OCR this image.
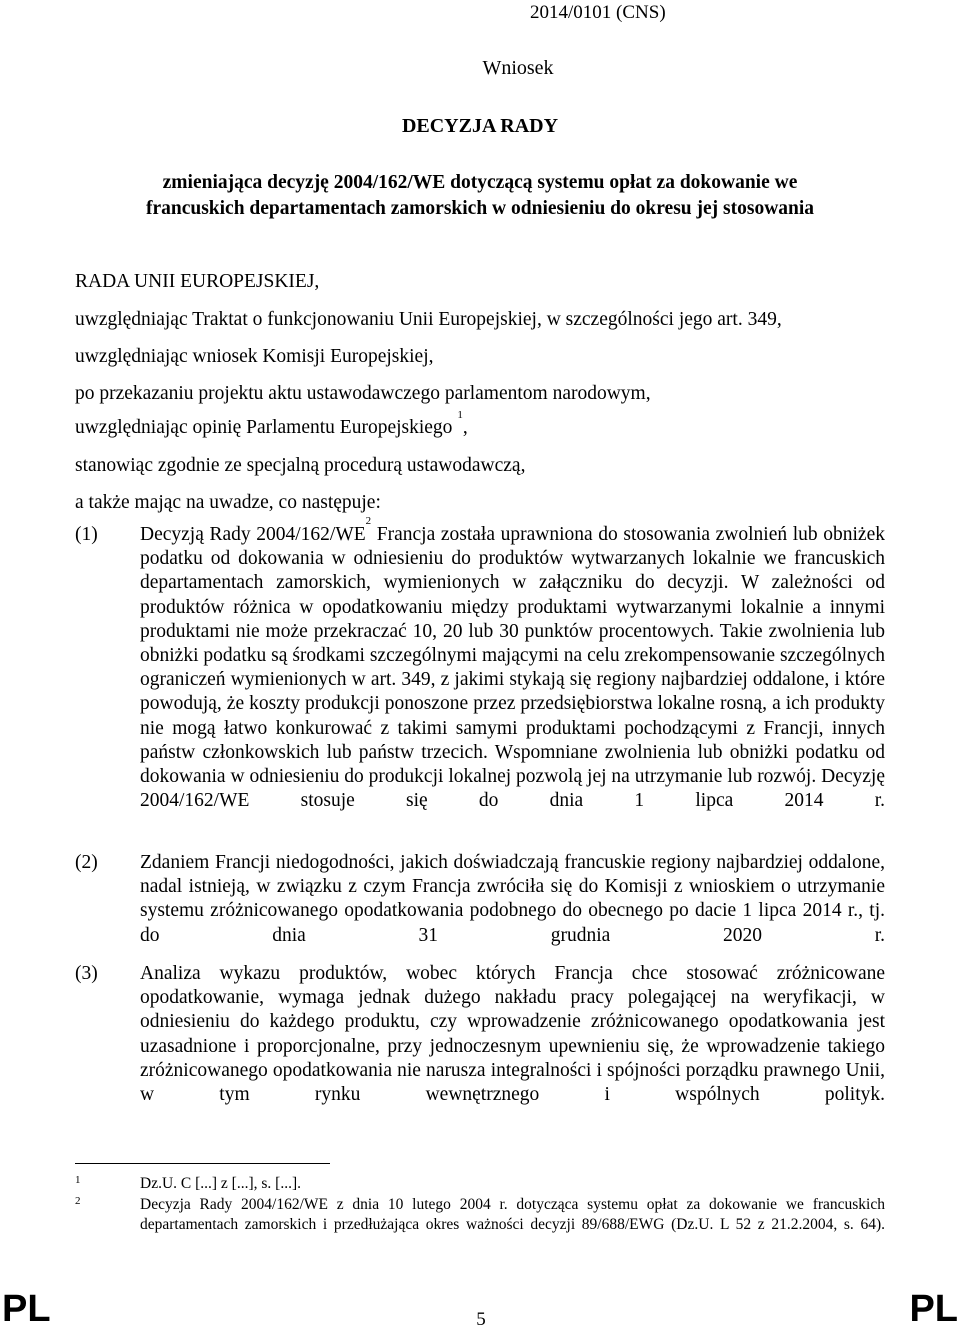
2014/0101 (CNS)
Wniosek
DECYZJA RADY
zmieniająca decyzję 2004/162/WE dotyczącą systemu opłat za dokowanie we
francuskich departamentach zamorskich w odniesieniu do okresu jej stosowania
RADA UNII EUROPEJSKIEJ,
uwzględniając Traktat o funkcjonowaniu Unii Europejskiej, w szczególności jego art. 349,
uwzględniając wniosek Komisji Europejskiej,
po przekazaniu projektu aktu ustawodawczego parlamentom narodowym,
uwzględniając opinię Parlamentu Europejskiego $^1$,
stanowiąc zgodnie ze specjalną procedurą ustawodawczą,
a także mając na uwadze, co następuje:
(1) Decyzją Rady $2004/162/WE^2$ Francja została uprawniona do stosowania zwolnień lub obniżek podatku od dokowania w odniesieniu do produktów wytwarzanych lokalnie we francuskich departamentach zamorskich, wymienionych w załączniku do decyzji. W zależności od produktów różnica w opodatkowaniu między produktami wytwarzanymi lokalnie a innymi produktami nie może przekraczać 10, 20 lub 30 punktów procentowych. Takie zwolnienia lub obniżki podatku są środkami szczególnymi mającymi na celu zrekompensowanie szczególnych ograniczeń wymienionych w art. 349, z jakimi stykają się regiony najbardziej oddalone, i które powodują, że koszty produkcji ponoszone przez przedsiębiorstwa lokalne rosną, a ich produkty nie mogą łatwo konkurować z takimi samymi produktami pochodzącymi z Francji, innych państw członkowskich lub państw trzecich. Wspomniane zwolnienia lub obniżki podatku od dokowania w odniesieniu do produkcji lokalnej pozwolą jej na utrzymanie lub rozwój. Decyzję 2004/162/WE stosuje się do dnia 1 lipca 2014 r.
(2) Zdaniem Francji niedogodności, jakich doświadczają francuskie regiony najbardziej oddalone, nadal istnieją, w związku z czym Francja zwróciła się do Komisji z wnioskiem o utrzymanie systemu zróżnicowanego opodatkowania podobnego do obecnego po dacie 1 lipca 2014 r., tj. do dnia 31 grudnia 2020 r.
(3) Analiza wykazu produktów, wobec których Francja chce stosować zróżnicowane opodatkowanie, wymaga jednak dużego nakładu pracy polegającej na weryfikacji, w odniesieniu do każdego produktu, czy wprowadzenie zróżnicowanego opodatkowania jest uzasadnione i proporcjonalne, przy jednoczesnym upewnieniu się, że wprowadzenie takiego zróżnicowanego opodatkowania nie narusza integralności i spójności porządku prawnego Unii, w tym rynku wewnętrznego i wspólnych polityk.
1	Dz.U. C [...] z [...], s. [...].
2	Decyzja Rady 2004/162/WE z dnia 10 lutego 2004 r. dotycząca systemu opłat za dokowanie we francuskich departamentach zamorskich i przedłużająca okres ważności decyzji 89/688/EWG (Dz.U. L 52 z 21.2.2004, s. 64).
PL	5	PL
